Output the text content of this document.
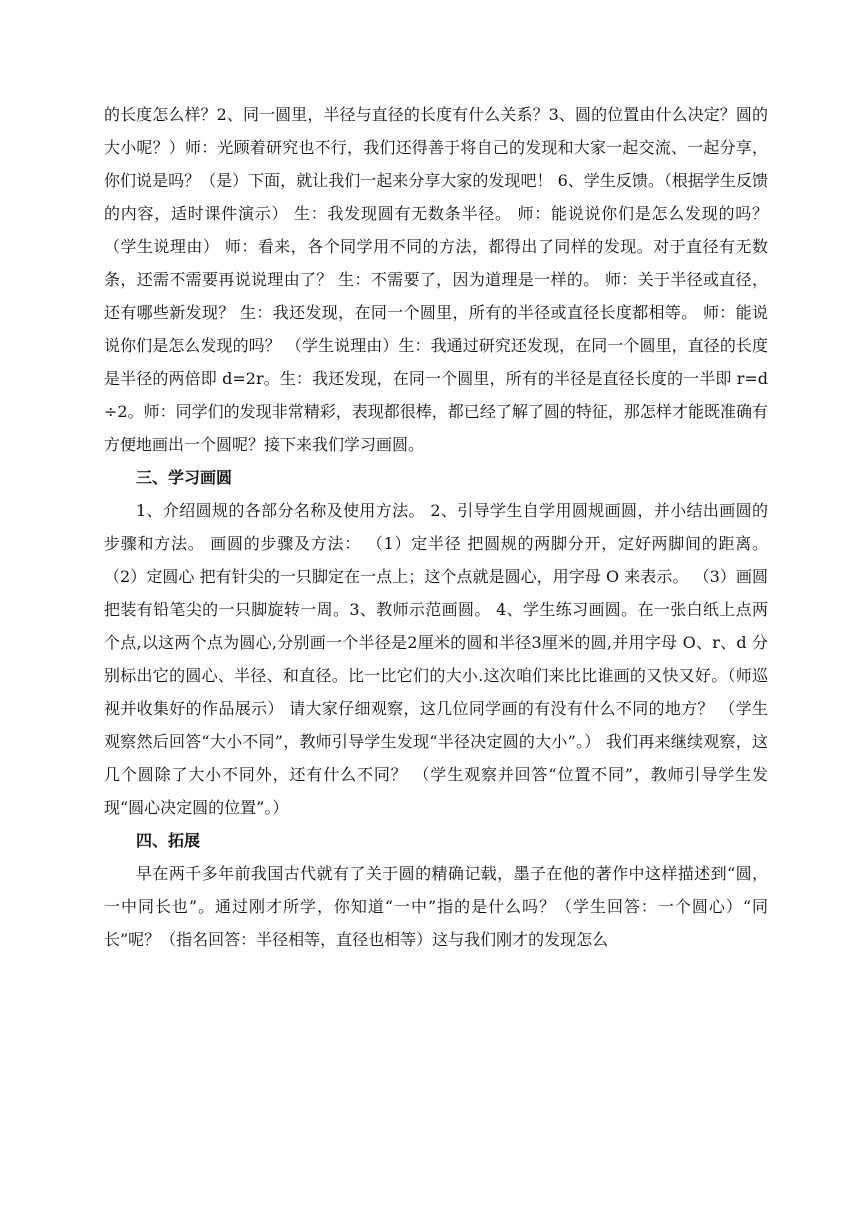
的长度怎么样？2、同一圆里，半径与直径的长度有什么关系？3、圆的位置由什么决定？圆的大小呢？）师：光顾着研究也不行，我们还得善于将自己的发现和大家一起交流、一起分享，你们说是吗？（是）下面，就让我们一起来分享大家的发现吧！ 6、学生反馈。（根据学生反馈的内容，适时课件演示） 生：我发现圆有无数条半径。 师：能说说你们是怎么发现的吗？ （学生说理由） 师：看来，各个同学用不同的方法，都得出了同样的发现。对于直径有无数条，还需不需要再说说理由了？ 生：不需要了，因为道理是一样的。 师：关于半径或直径，还有哪些新发现？ 生：我还发现，在同一个圆里，所有的半径或直径长度都相等。 师：能说说你们是怎么发现的吗？ （学生说理由）生：我通过研究还发现，在同一个圆里，直径的长度是半径的两倍即 d=2r。生：我还发现，在同一个圆里，所有的半径是直径长度的一半即 r=d÷2。师：同学们的发现非常精彩，表现都很棒，都已经了解了圆的特征，那怎样才能既准确有方便地画出一个圆呢？接下来我们学习画圆。

三、学习画圆

1、介绍圆规的各部分名称及使用方法。 2、引导学生自学用圆规画圆，并小结出画圆的步骤和方法。 画圆的步骤及方法： （1）定半径 把圆规的两脚分开，定好两脚间的距离。 （2）定圆心 把有针尖的一只脚定在一点上；这个点就是圆心，用字母 O 来表示。 （3）画圆 把装有铅笔尖的一只脚旋转一周。3、教师示范画圆。 4、学生练习画圆。在一张白纸上点两个点,以这两个点为圆心,分别画一个半径是2厘米的圆和半径3厘米的圆,并用字母 O、r、d 分别标出它的圆心、半径、和直径。比一比它们的大小.这次咱们来比比谁画的又快又好。（师巡视并收集好的作品展示） 请大家仔细观察，这几位同学画的有没有什么不同的地方？ （学生观察然后回答“大小不同”，教师引导学生发现“半径决定圆的大小”。） 我们再来继续观察，这几个圆除了大小不同外，还有什么不同？ （学生观察并回答“位置不同”，教师引导学生发现“圆心决定圆的位置”。）

四、拓展

早在两千多年前我国古代就有了关于圆的精确记载，墨子在他的著作中这样描述到“圆，一中同长也”。通过刚才所学，你知道“一中”指的是什么吗？（学生回答：一个圆心）“同长”呢？（指名回答：半径相等，直径也相等）这与我们刚才的发现怎么
